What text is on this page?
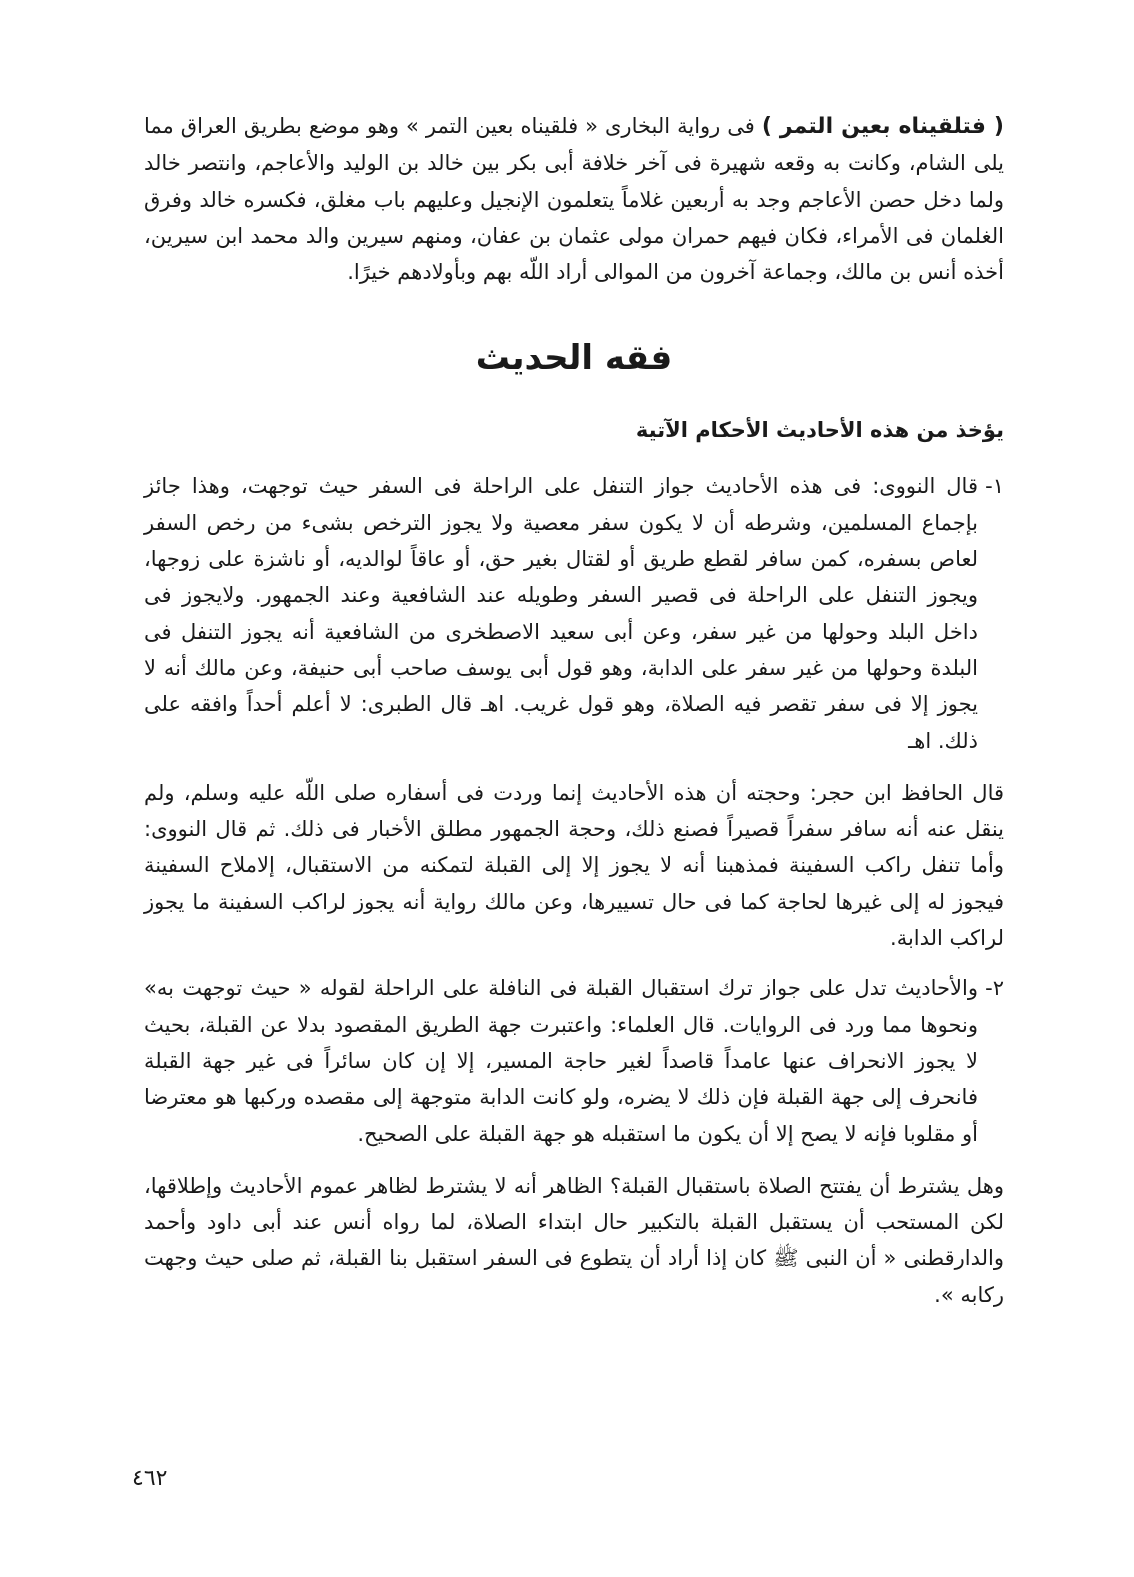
( فتلقيناه بعين التمر ) فى رواية البخارى « فلقيناه بعين التمر » وهو موضع بطريق العراق مما يلى الشام، وكانت به وقعه شهيرة فى آخر خلافة أبى بكر بين خالد بن الوليد والأعاجم، وانتصر خالد ولما دخل حصن الأعاجم وجد به أربعين غلاماً يتعلمون الإنجيل وعليهم باب مغلق، فكسره خالد وفرق الغلمان فى الأمراء، فكان فيهم حمران مولى عثمان بن عفان، ومنهم سيرين والد محمد ابن سيرين، أخذه أنس بن مالك، وجماعة آخرون من الموالى أراد اللّه بهم وبأولادهم خيرًا.

فقه الحديث
يؤخذ من هذه الأحاديث الأحكام الآتية

١-
قال النووى: فى هذه الأحاديث جواز التنفل على الراحلة فى السفر حيث توجهت، وهذا جائز بإجماع المسلمين، وشرطه أن لا يكون سفر معصية ولا يجوز الترخص بشىء من رخص السفر لعاص بسفره، كمن سافر لقطع طريق أو لقتال بغير حق، أو عاقاً لوالديه، أو ناشزة على زوجها، ويجوز التنفل على الراحلة فى قصير السفر وطويله عند الشافعية وعند الجمهور. ولايجوز فى داخل البلد وحولها من غير سفر، وعن أبى سعيد الاصطخرى من الشافعية أنه يجوز التنفل فى البلدة وحولها من غير سفر على الدابة، وهو قول أبى يوسف صاحب أبى حنيفة، وعن مالك أنه لا يجوز إلا فى سفر تقصر فيه الصلاة، وهو قول غريب. اهـ قال الطبرى: لا أعلم أحداً وافقه على ذلك. اهـ

قال الحافظ ابن حجر: وحجته أن هذه الأحاديث إنما وردت فى أسفاره صلى اللّه عليه وسلم، ولم ينقل عنه أنه سافر سفراً قصيراً فصنع ذلك، وحجة الجمهور مطلق الأخبار فى ذلك. ثم قال النووى: وأما تنفل راكب السفينة فمذهبنا أنه لا يجوز إلا إلى القبلة لتمكنه من الاستقبال، إلاملاح السفينة فيجوز له إلى غيرها لحاجة كما فى حال تسييرها، وعن مالك رواية أنه يجوز لراكب السفينة ما يجوز لراكب الدابة.

٢-
والأحاديث تدل على جواز ترك استقبال القبلة فى النافلة على الراحلة لقوله « حيث توجهت به» ونحوها مما ورد فى الروايات. قال العلماء: واعتبرت جهة الطريق المقصود بدلا عن القبلة، بحيث لا يجوز الانحراف عنها عامداً قاصداً لغير حاجة المسير، إلا إن كان سائراً فى غير جهة القبلة فانحرف إلى جهة القبلة فإن ذلك لا يضره، ولو كانت الدابة متوجهة إلى مقصده وركبها هو معترضا أو مقلوبا فإنه لا يصح إلا أن يكون ما استقبله هو جهة القبلة على الصحيح.

وهل يشترط أن يفتتح الصلاة باستقبال القبلة؟ الظاهر أنه لا يشترط لظاهر عموم الأحاديث وإطلاقها، لكن المستحب أن يستقبل القبلة بالتكبير حال ابتداء الصلاة، لما رواه أنس عند أبى داود وأحمد والدارقطنى « أن النبى ﷺ كان إذا أراد أن يتطوع فى السفر استقبل بنا القبلة، ثم صلى حيث وجهت ركابه ».

٤٦٢
